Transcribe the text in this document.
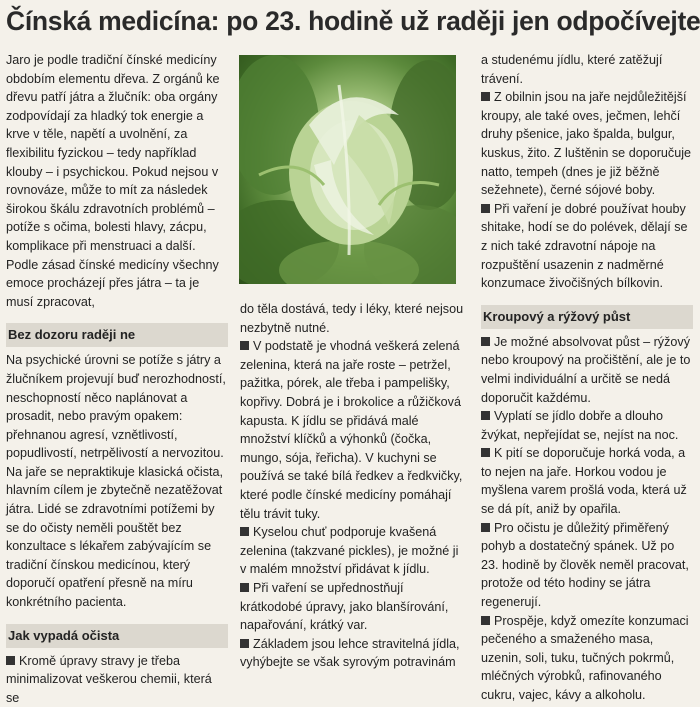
Čínská medicína: po 23. hodině už raději jen odpočívejte

Jaro je podle tradiční čínské medicíny obdobím elementu dřeva. Z orgánů ke dřevu patří játra a žlučník: oba orgány zodpovídají za hladký tok energie a krve v těle, napětí a uvolnění, za flexibilitu fyzickou – tedy například klouby – i psychickou. Pokud nejsou v rovnováze, může to mít za následek širokou škálu zdravotních problémů – potíže s očima, bolesti hlavy, zácpu, komplikace při menstruaci a další. Podle zásad čínské medicíny všechny emoce procházejí přes játra – ta je musí zpracovat,

Bez dozoru raději ne

Na psychické úrovni se potíže s játry a žlučníkem projevují buď nerozhodností, neschopností něco naplánovat a prosadit, nebo pravým opakem: přehnanou agresí, vznětlivostí, popudlivostí, netrpělivostí a nervozitou. Na jaře se nepraktikuje klasická očista, hlavním cílem je zbytečně nezatěžovat játra. Lidé se zdravotními potížemi by se do očisty neměli pouštět bez konzultace s lékařem zabývajícím se tradiční čínskou medicínou, který doporučí opatření přesně na míru konkrétního pacienta.

Jak vypadá očista

Kromě úpravy stravy je třeba minimalizovat veškerou chemii, která se

do těla dostává, tedy i léky, které nejsou nezbytně nutné.

V podstatě je vhodná veškerá zelená zelenina, která na jaře roste – petržel, pažitka, pórek, ale třeba i pampelišky, kopřivy. Dobrá je i brokolice a růžičková kapusta. K jídlu se přidává malé množství klíčků a výhonků (čočka, mungo, sója, řeřicha). V kuchyni se používá se také bílá ředkev a ředkvičky, které podle čínské medicíny pomáhají tělu trávit tuky.

Kyselou chuť podporuje kvašená zelenina (takzvané pickles), je možné ji v malém množství přidávat k jídlu.

Při vaření se upřednostňují krátkodobé úpravy, jako blanšírování, napařování, krátký var.

Základem jsou lehce stravitelná jídla, vyhýbejte se však syrovým potravinám

a studenému jídlu, které zatěžují trávení.

Z obilnin jsou na jaře nejdůležitější kroupy, ale také oves, ječmen, lehčí druhy pšenice, jako špalda, bulgur, kuskus, žito. Z luštěnin se doporučuje natto, tempeh (dnes je již běžně sežehnete), černé sójové boby.

Při vaření je dobré používat houby shitake, hodí se do polévek, dělají se z nich také zdravotní nápoje na rozpuštění usazenin z nadměrné konzumace živočišných bílkovin.

Kroupový a rýžový půst

Je možné absolvovat půst – rýžový nebo kroupový na pročištění, ale je to velmi individuální a určitě se nedá doporučit každému.

Vyplatí se jídlo dobře a dlouho žvýkat, nepřejídat se, nejíst na noc.

K pití se doporučuje horká voda, a to nejen na jaře. Horkou vodou je myšlena varem prošlá voda, která už se dá pít, aniž by opařila.

Pro očistu je důležitý přiměřený pohyb a dostatečný spánek. Už po 23. hodině by člověk neměl pracovat, protože od této hodiny se játra regenerují.

Prospěje, když omezíte konzumaci pečeného a smaženého masa, uzenin, soli, tuku, tučných pokrmů, mléčných výrobků, rafinovaného cukru, vajec, kávy a alkoholu.
